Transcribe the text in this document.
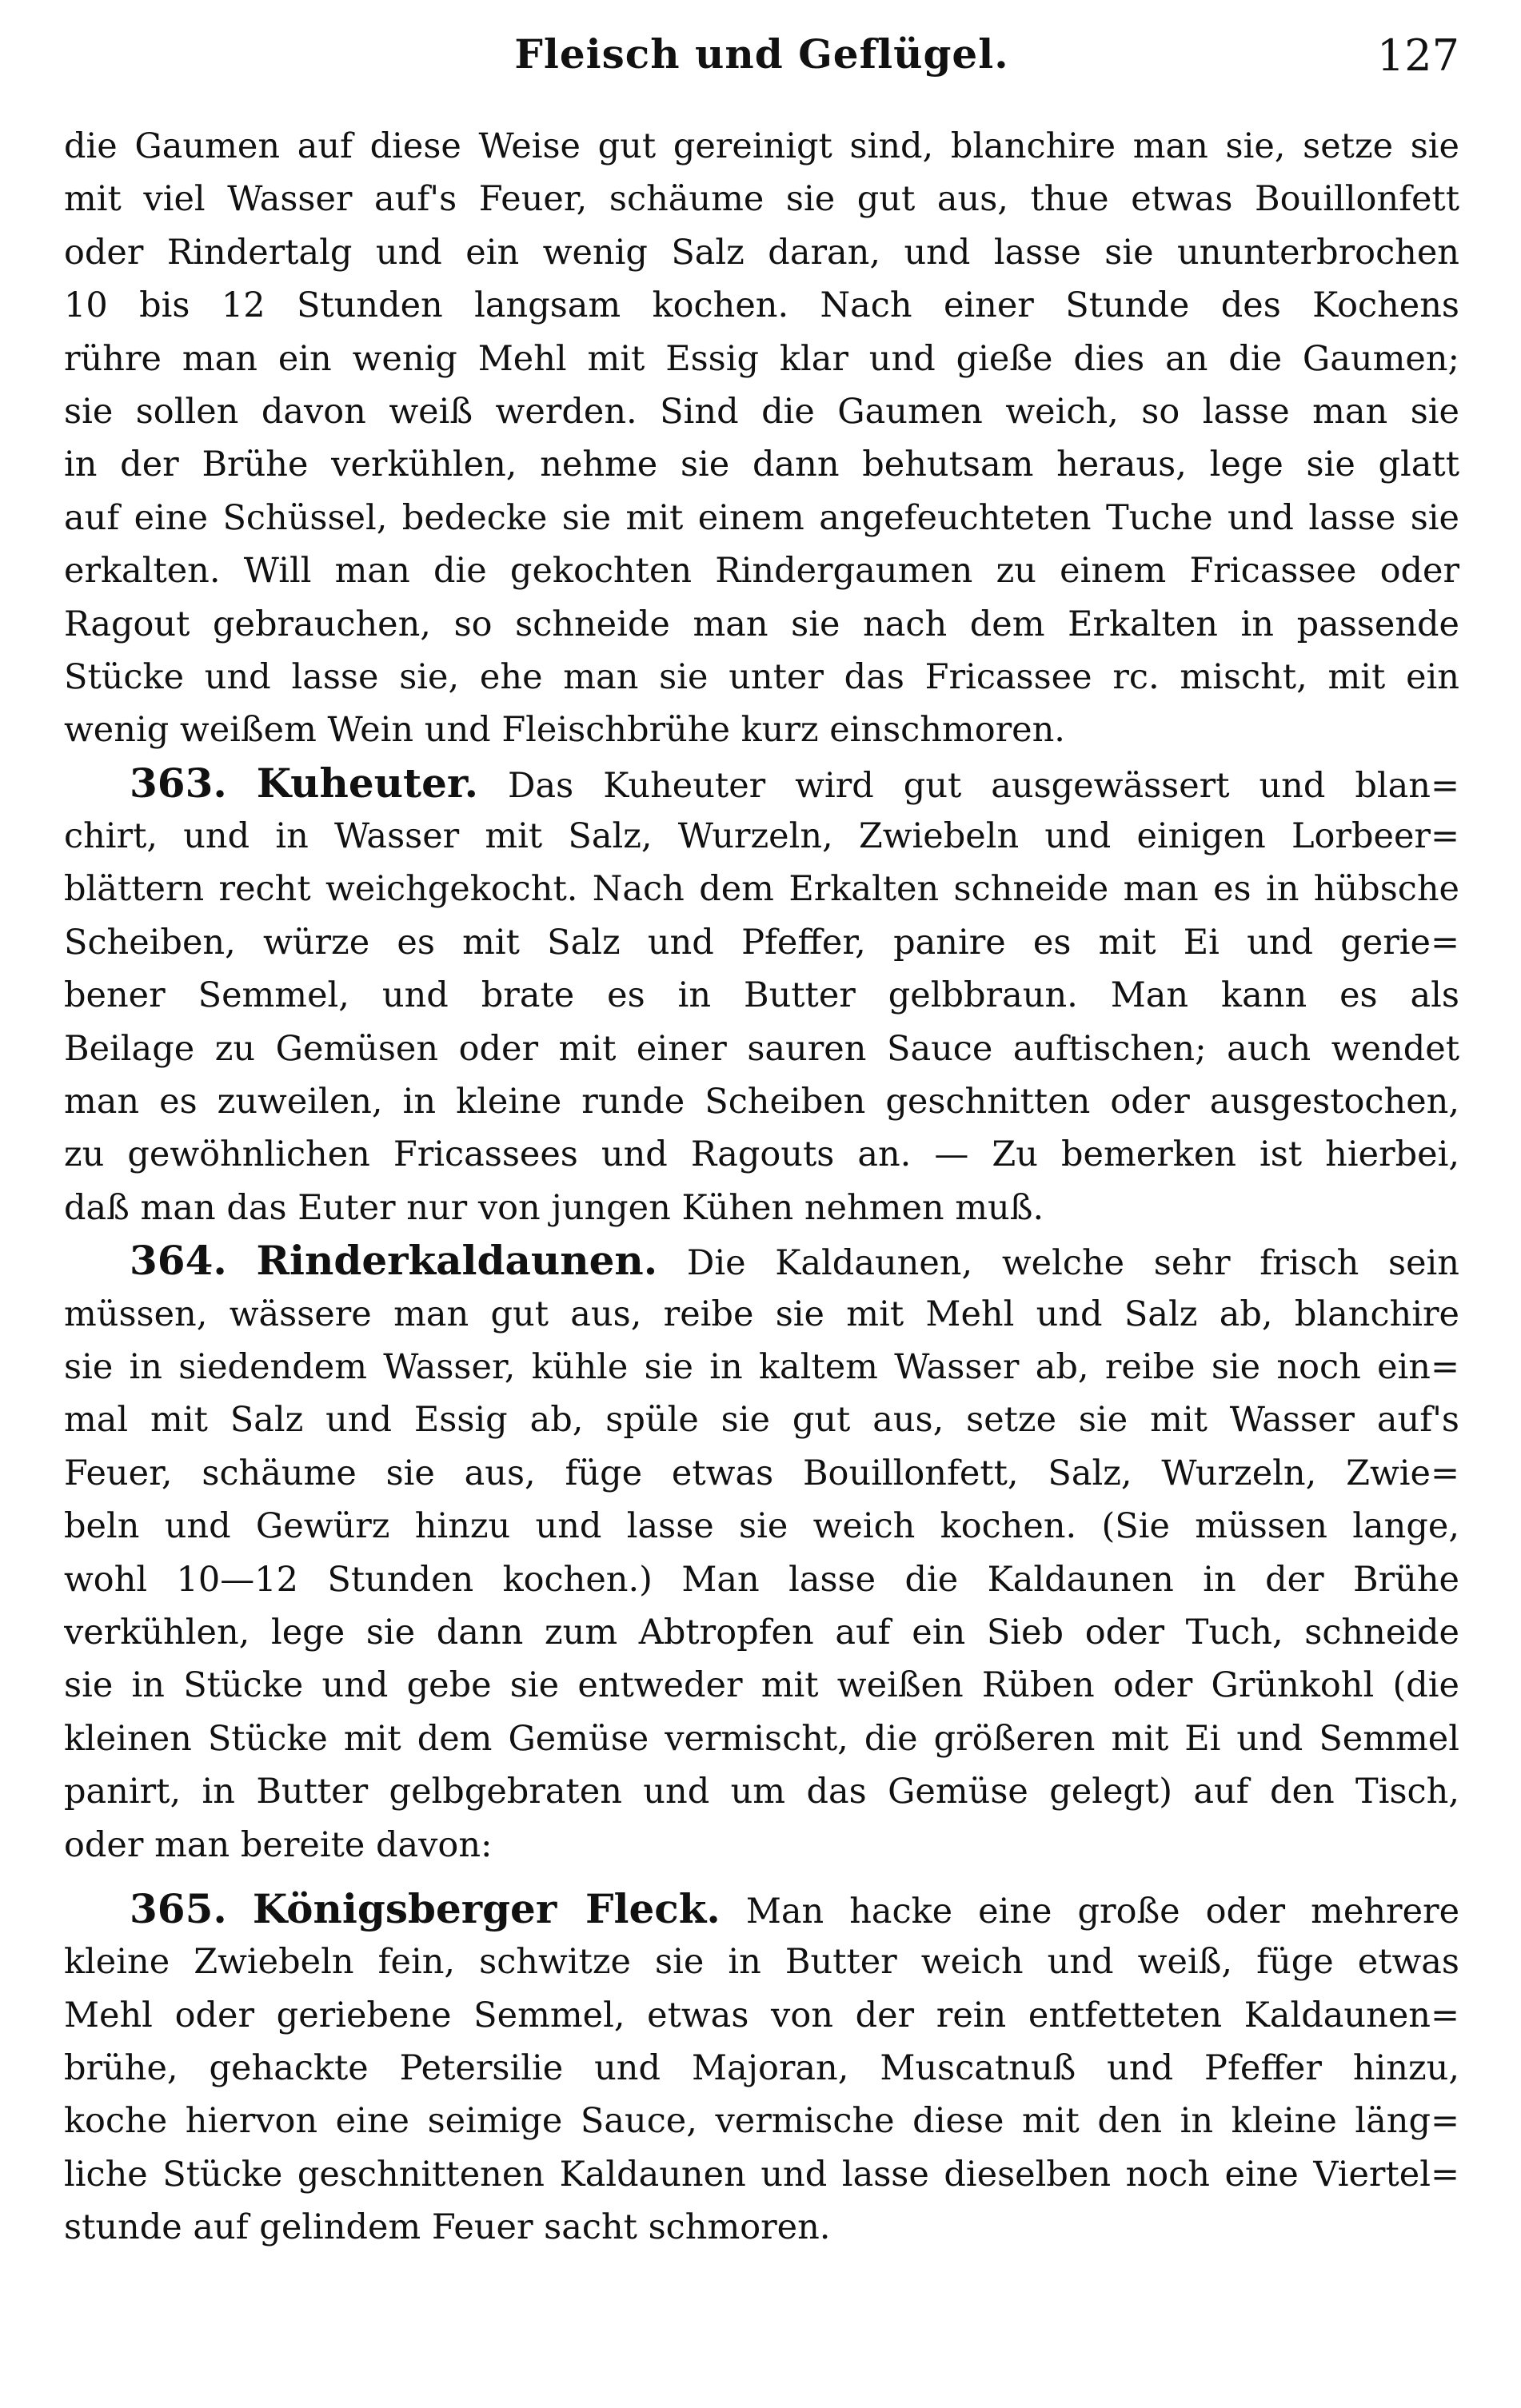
Fleisch und Geflügel.	127
die Gaumen auf diese Weise gut gereinigt sind, blanchire man sie, setze sie
mit viel Wasser auf's Feuer, schäume sie gut aus, thue etwas Bouillonfett
oder Rindertalg und ein wenig Salz daran, und lasse sie ununterbrochen
10 bis 12 Stunden langsam kochen. Nach einer Stunde des Kochens
rühre man ein wenig Mehl mit Essig klar und gieße dies an die Gaumen;
sie sollen davon weiß werden. Sind die Gaumen weich, so lasse man sie
in der Brühe verkühlen, nehme sie dann behutsam heraus, lege sie glatt
auf eine Schüssel, bedecke sie mit einem angefeuchteten Tuche und lasse sie
erkalten. Will man die gekochten Rindergaumen zu einem Fricassee oder
Ragout gebrauchen, so schneide man sie nach dem Erkalten in passende
Stücke und lasse sie, ehe man sie unter das Fricassee rc. mischt, mit ein
wenig weißem Wein und Fleischbrühe kurz einschmoren.
363. Kuheuter. Das Kuheuter wird gut ausgewässert und blan=
chirt, und in Wasser mit Salz, Wurzeln, Zwiebeln und einigen Lorbeer=
blättern recht weichgekocht. Nach dem Erkalten schneide man es in hübsche
Scheiben, würze es mit Salz und Pfeffer, panire es mit Ei und gerie=
bener Semmel, und brate es in Butter gelbbraun. Man kann es als
Beilage zu Gemüsen oder mit einer sauren Sauce auftischen; auch wendet
man es zuweilen, in kleine runde Scheiben geschnitten oder ausgestochen,
zu gewöhnlichen Fricassees und Ragouts an. — Zu bemerken ist hierbei,
daß man das Euter nur von jungen Kühen nehmen muß.
364. Rinderkaldaunen. Die Kaldaunen, welche sehr frisch sein
müssen, wässere man gut aus, reibe sie mit Mehl und Salz ab, blanchire
sie in siedendem Wasser, kühle sie in kaltem Wasser ab, reibe sie noch ein=
mal mit Salz und Essig ab, spüle sie gut aus, setze sie mit Wasser auf's
Feuer, schäume sie aus, füge etwas Bouillonfett, Salz, Wurzeln, Zwie=
beln und Gewürz hinzu und lasse sie weich kochen. (Sie müssen lange,
wohl 10—12 Stunden kochen.) Man lasse die Kaldaunen in der Brühe
verkühlen, lege sie dann zum Abtropfen auf ein Sieb oder Tuch, schneide
sie in Stücke und gebe sie entweder mit weißen Rüben oder Grünkohl (die
kleinen Stücke mit dem Gemüse vermischt, die größeren mit Ei und Semmel
panirt, in Butter gelbgebraten und um das Gemüse gelegt) auf den Tisch,
oder man bereite davon:
365. Königsberger Fleck. Man hacke eine große oder mehrere
kleine Zwiebeln fein, schwitze sie in Butter weich und weiß, füge etwas
Mehl oder geriebene Semmel, etwas von der rein entfetteten Kaldaunen=
brühe, gehackte Petersilie und Majoran, Muscatnuß und Pfeffer hinzu,
koche hiervon eine seimige Sauce, vermische diese mit den in kleine läng=
liche Stücke geschnittenen Kaldaunen und lasse dieselben noch eine Viertel=
stunde auf gelindem Feuer sacht schmoren.
